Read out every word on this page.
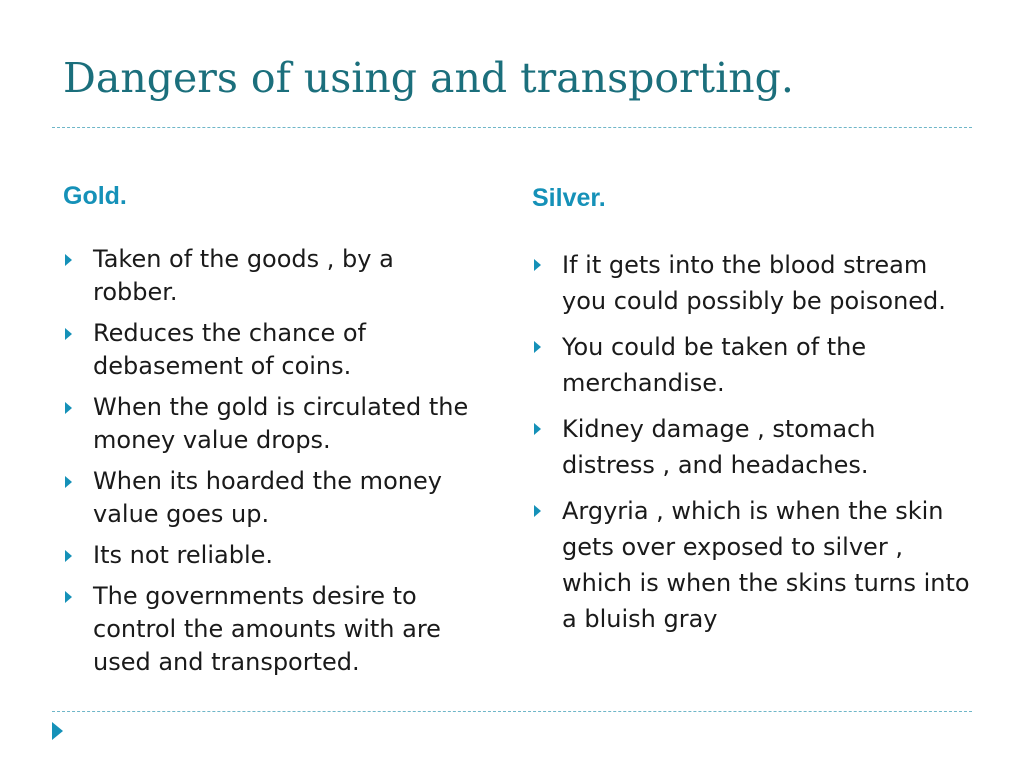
Dangers of using and transporting.
Gold.
Taken of the goods , by a robber.
Reduces the chance of debasement of coins.
When the gold is circulated the money value drops.
When its hoarded the money value goes up.
Its not reliable.
The governments desire to control the amounts with are used and transported.
Silver.
If it gets into the blood stream you could possibly be poisoned.
You could be taken of the merchandise.
Kidney damage , stomach distress , and headaches.
Argyria , which is when the skin gets over exposed to silver , which is when the skins turns into a bluish gray
